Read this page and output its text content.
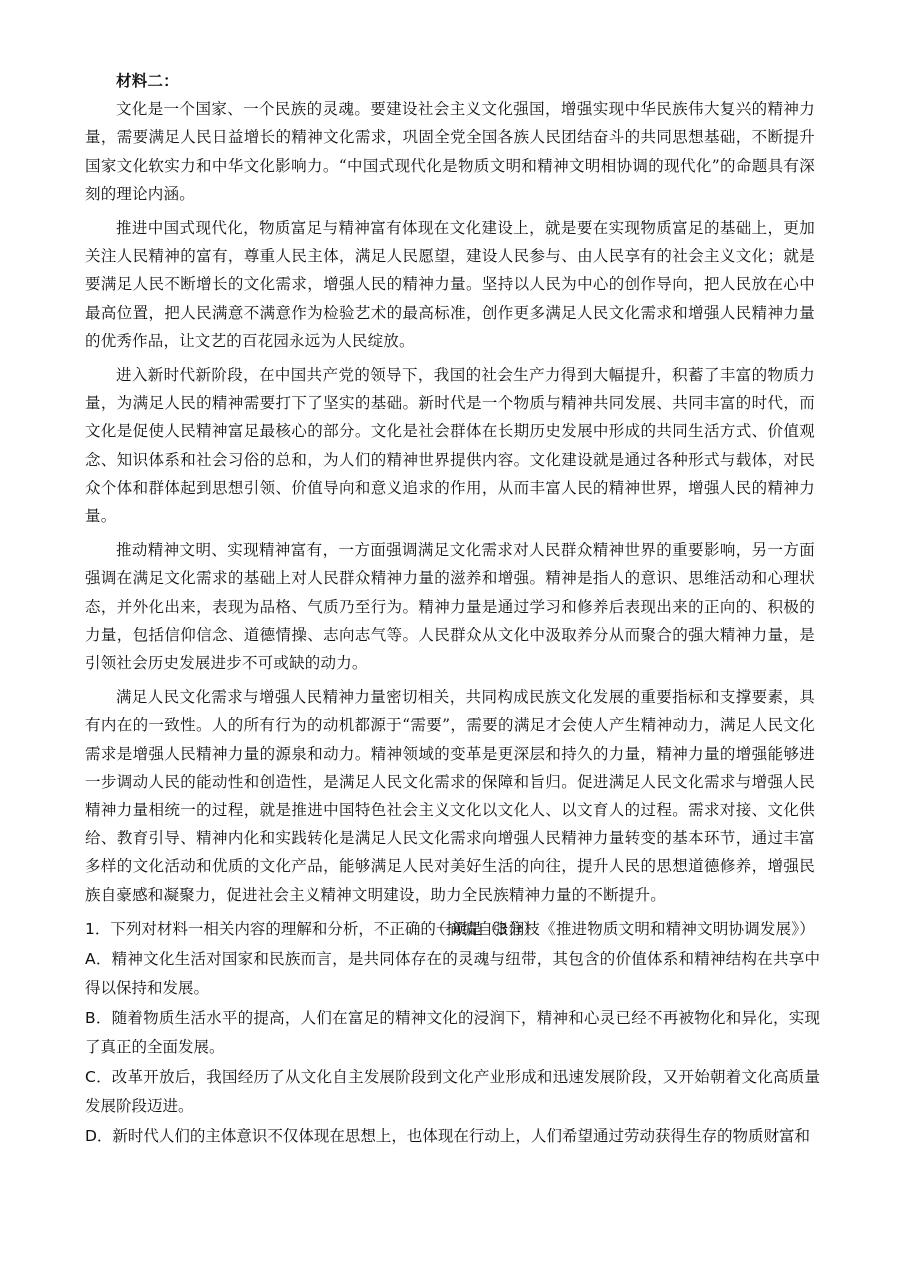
材料二：

文化是一个国家、一个民族的灵魂。要建设社会主义文化强国，增强实现中华民族伟大复兴的精神力量，需要满足人民日益增长的精神文化需求，巩固全党全国各族人民团结奋斗的共同思想基础，不断提升国家文化软实力和中华文化影响力。“中国式现代化是物质文明和精神文明相协调的现代化”的命题具有深刻的理论内涵。

推进中国式现代化，物质富足与精神富有体现在文化建设上，就是要在实现物质富足的基础上，更加关注人民精神的富有，尊重人民主体，满足人民愿望，建设人民参与、由人民享有的社会主义文化；就是要满足人民不断增长的文化需求，增强人民的精神力量。坚持以人民为中心的创作导向，把人民放在心中最高位置，把人民满意不满意作为检验艺术的最高标准，创作更多满足人民文化需求和增强人民精神力量的优秀作品，让文艺的百花园永远为人民绽放。

进入新时代新阶段，在中国共产党的领导下，我国的社会生产力得到大幅提升，积蓄了丰富的物质力量，为满足人民的精神需要打下了坚实的基础。新时代是一个物质与精神共同发展、共同丰富的时代，而文化是促使人民精神富足最核心的部分。文化是社会群体在长期历史发展中形成的共同生活方式、价值观念、知识体系和社会习俗的总和，为人们的精神世界提供内容。文化建设就是通过各种形式与载体，对民众个体和群体起到思想引领、价值导向和意义追求的作用，从而丰富人民的精神世界，增强人民的精神力量。

推动精神文明、实现精神富有，一方面强调满足文化需求对人民群众精神世界的重要影响，另一方面强调在满足文化需求的基础上对人民群众精神力量的滋养和增强。精神是指人的意识、思维活动和心理状态，并外化出来，表现为品格、气质乃至行为。精神力量是通过学习和修养后表现出来的正向的、积极的力量，包括信仰信念、道德情操、志向志气等。人民群众从文化中汲取养分从而聚合的强大精神力量，是引领社会历史发展进步不可或缺的动力。

满足人民文化需求与增强人民精神力量密切相关，共同构成民族文化发展的重要指标和支撑要素，具有内在的一致性。人的所有行为的动机都源于“需要”，需要的满足才会使人产生精神动力，满足人民文化需求是增强人民精神力量的源泉和动力。精神领域的变革是更深层和持久的力量，精神力量的增强能够进一步调动人民的能动性和创造性，是满足人民文化需求的保障和旨归。促进满足人民文化需求与增强人民精神力量相统一的过程，就是推进中国特色社会主义文化以文化人、以文育人的过程。需求对接、文化供给、教育引导、精神内化和实践转化是满足人民文化需求向增强人民精神力量转变的基本环节，通过丰富多样的文化活动和优质的文化产品，能够满足人民对美好生活的向往，提升人民的思想道德修养，增强民族自豪感和凝聚力，促进社会主义精神文明建设，助力全民族精神力量的不断提升。

（摘编自张润枝《推进物质文明和精神文明协调发展》）

1．下列对材料一相关内容的理解和分析，不正确的一项是（3分）

A．精神文化生活对国家和民族而言，是共同体存在的灵魂与纽带，其包含的价值体系和精神结构在共享中得以保持和发展。

B．随着物质生活水平的提高，人们在富足的精神文化的浸润下，精神和心灵已经不再被物化和异化，实现了真正的全面发展。

C．改革开放后，我国经历了从文化自主发展阶段到文化产业形成和迅速发展阶段，又开始朝着文化高质量发展阶段迈进。

D．新时代人们的主体意识不仅体现在思想上，也体现在行动上，人们希望通过劳动获得生存的物质财富和
